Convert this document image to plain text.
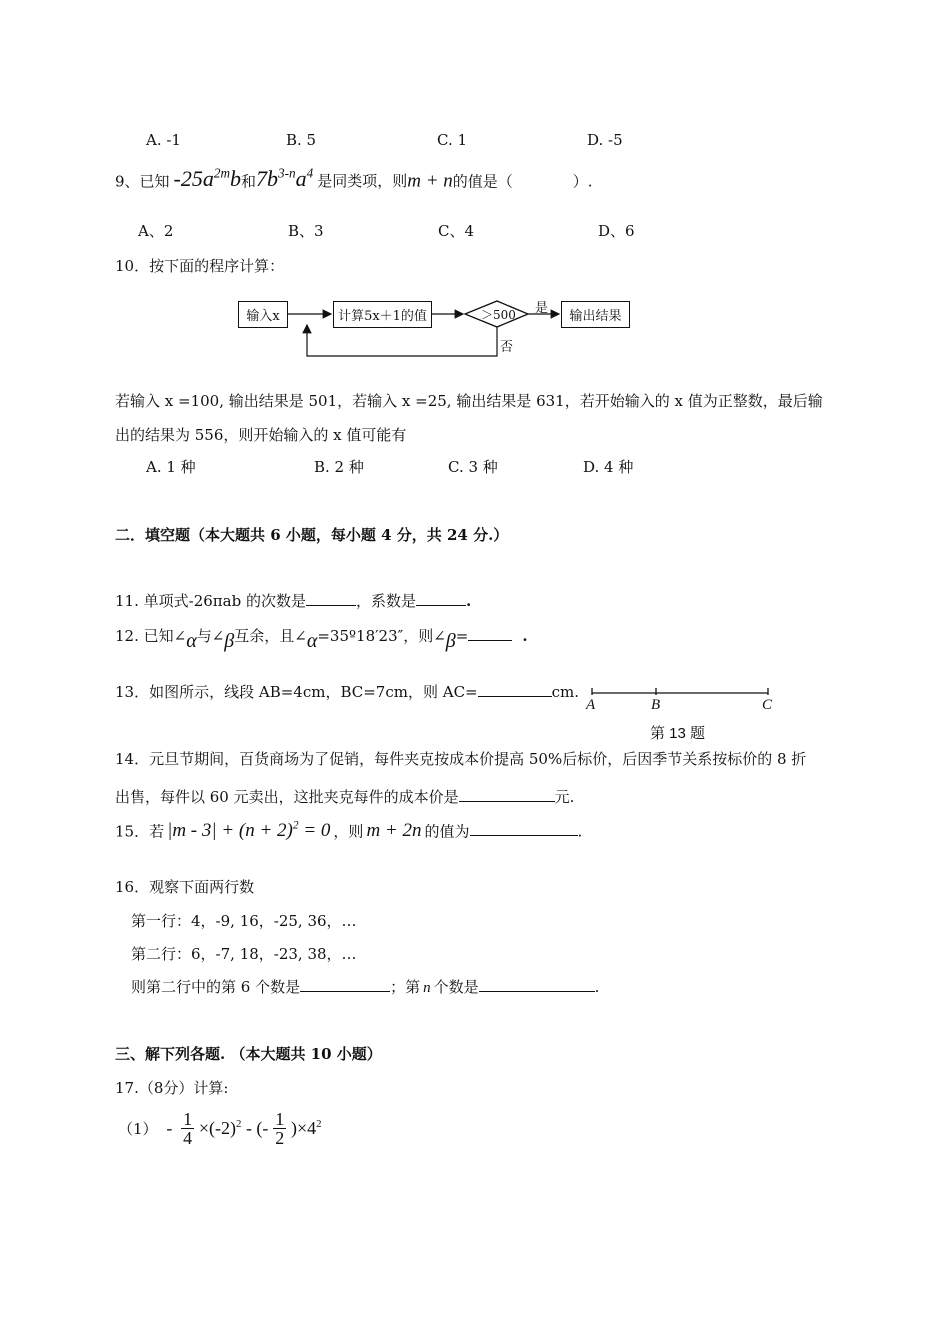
A. -1	B. 5	C. 1	D. -5
9、已知 $-25a^{2m}b$和$7b^{3-n}a^4$ 是同类项，则m + n的值是（　　　　）.
A、2	B、3	C、4	D、6
10．按下面的程序计算：
输入x	计算5x＋1的值	＞500 是
否
输出结果
若输入 x =100, 输出结果是 501，若输入 x =25, 输出结果是 631，若开始输入的 x 值为正整数，最后输
出的结果为 556，则开始输入的 x 值可能有
A. 1 种	B. 2 种	C. 3 种	D. 4 种
二．填空题（本大题共 6 小题，每小题 4 分，共 24 分.）
11. 单项式-26πab 的次数是	，系数是	.
12. 已知∠α与∠β互余，且∠α=35º18′23″，则∠β=	.
13．如图所示，线段 AB=4cm，BC=7cm，则 AC=	cm.
A	B	C
第 13 题
14．元旦节期间，百货商场为了促销，每件夹克按成本价提高 50%后标价，后因季节关系按标价的 8 折
出售，每件以 60 元卖出，这批夹克每件的成本价是	元.
15．若 $|m - 3| + (n + 2)^2 = 0$ ，则 m + 2n 的值为	.
16．观察下面两行数
第一行：4，-9, 16，-25, 36，…
第二行：6，-7, 18，-23, 38，…
则第二行中的第 6 个数是	；第 n 个数是	.
三、解下列各题. （本大题共 10 小题）
17.（8分）计算:
$(1) - \frac{1}{4} \times(-2)^2$ - (- $\frac{1}{2} )\times 4^2$
